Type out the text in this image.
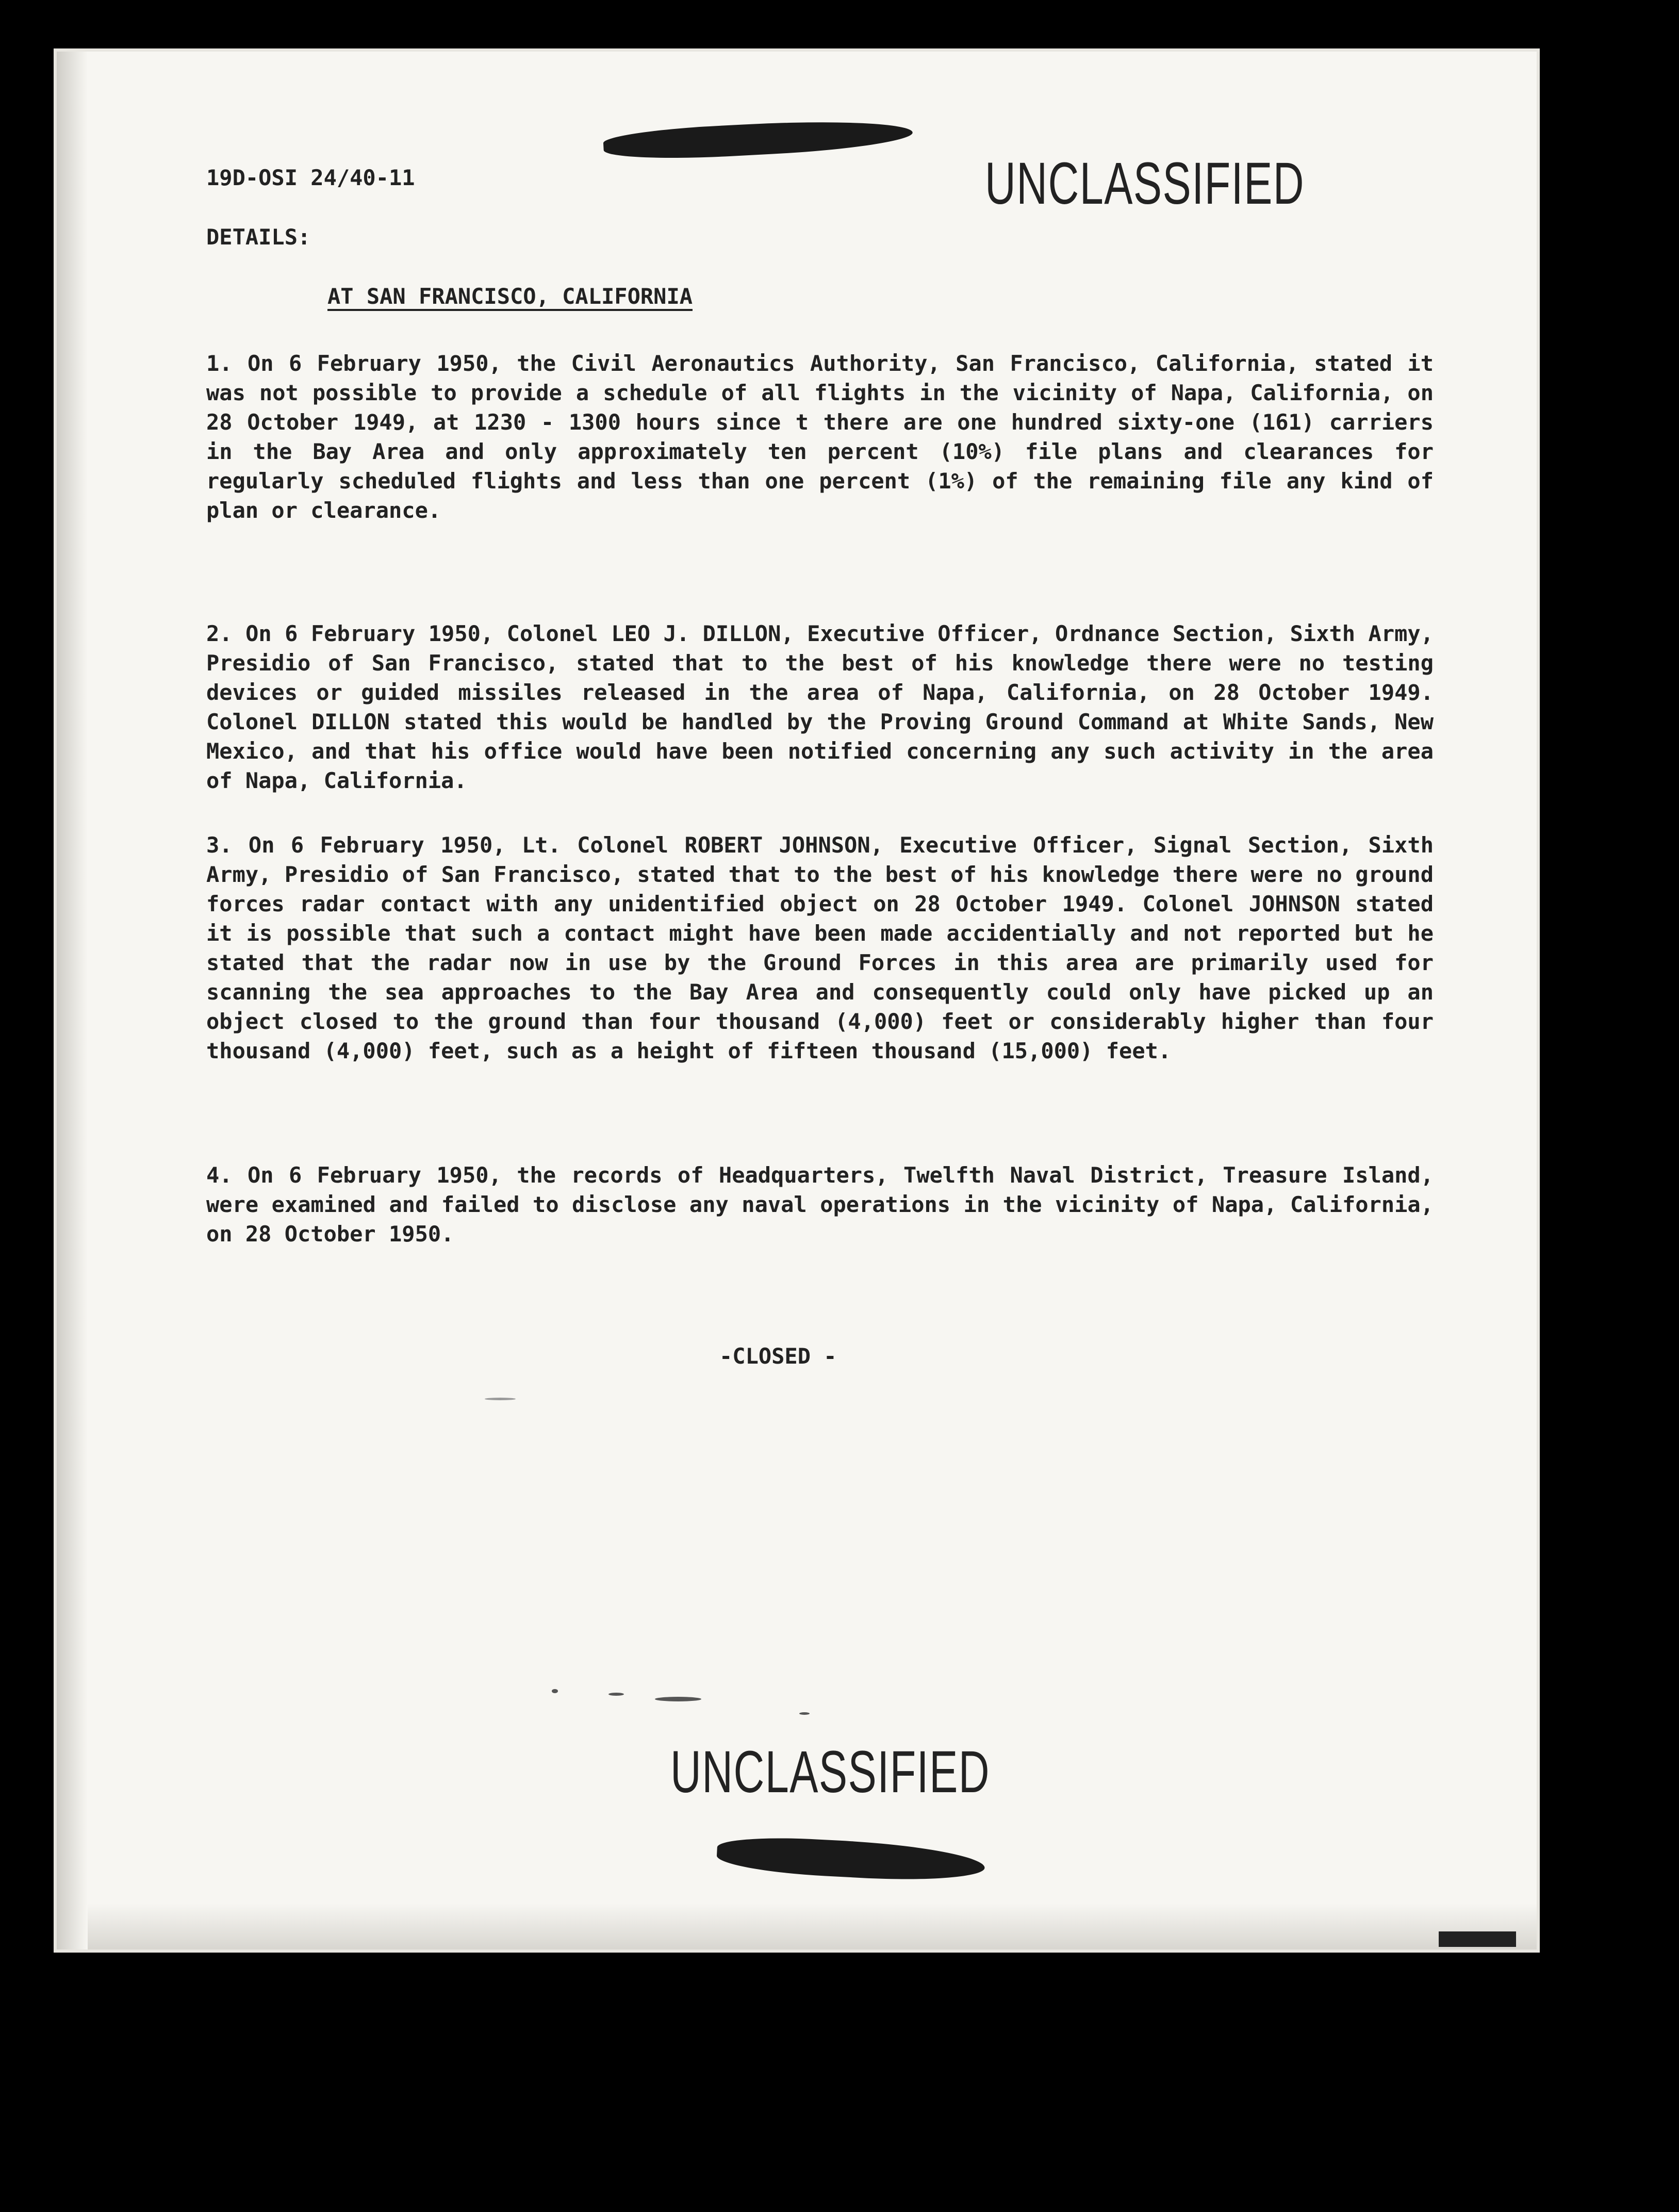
UNCLASSIFIED
19D-OSI 24/40-11
DETAILS:
AT SAN FRANCISCO, CALIFORNIA

1. On 6 February 1950, the Civil Aeronautics Authority, San Francisco, California, stated it was not possible to provide a schedule of all flights in the vicinity of Napa, California, on 28 October 1949, at 1230 - 1300 hours since t there are one hundred sixty-one (161) carriers in the Bay Area and only approximately ten percent (10%) file plans and clearances for regularly scheduled flights and less than one percent (1%) of the remaining file any kind of plan or clearance.

2. On 6 February 1950, Colonel LEO J. DILLON, Executive Officer, Ordnance Section, Sixth Army, Presidio of San Francisco, stated that to the best of his knowledge there were no testing devices or guided missiles released in the area of Napa, California, on 28 October 1949. Colonel DILLON stated this would be handled by the Proving Ground Command at White Sands, New Mexico, and that his office would have been notified concerning any such activity in the area of Napa, California.

3. On 6 February 1950, Lt. Colonel ROBERT JOHNSON, Executive Officer, Signal Section, Sixth Army, Presidio of San Francisco, stated that to the best of his knowledge there were no ground forces radar contact with any unidentified object on 28 October 1949. Colonel JOHNSON stated it is possible that such a contact might have been made accidentially and not reported but he stated that the radar now in use by the Ground Forces in this area are primarily used for scanning the sea approaches to the Bay Area and consequently could only have picked up an object closed to the ground than four thousand (4,000) feet or considerably higher than four thousand (4,000) feet, such as a height of fifteen thousand (15,000) feet.

4. On 6 February 1950, the records of Headquarters, Twelfth Naval District, Treasure Island, were examined and failed to disclose any naval operations in the vicinity of Napa, California, on 28 October 1950.

-CLOSED -
UNCLASSIFIED
